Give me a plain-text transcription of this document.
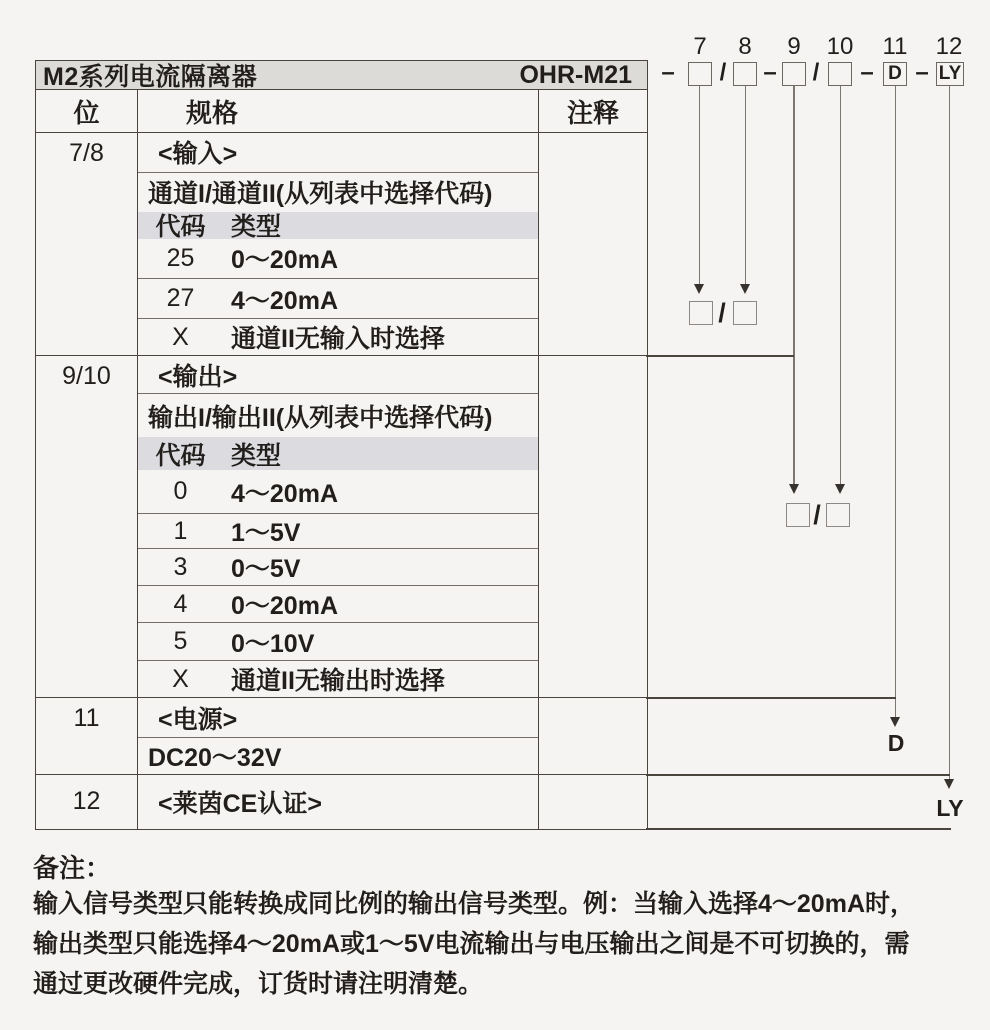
7 8 9 10 11 12
– / – / – –
D LY
/
/
D
LY
M2系列电流隔离器	OHR-M21
位	规格	注释
7/8	<输入>
通道I/通道II(从列表中选择代码)
代码	类型
25	0～20mA
27	4～20mA
X	通道II无输入时选择
9/10	<输出>
输出I/输出II(从列表中选择代码)
代码	类型
0	4～20mA
1	1～5V
3	0～5V
4	0～20mA
5	0～10V
X	通道II无输出时选择
11	<电源>
DC20～32V
12	<莱茵CE认证>
备注：
输入信号类型只能转换成同比例的输出信号类型。例：当输入选择4～20mA时，
输出类型只能选择4～20mA或1～5V电流输出与电压输出之间是不可切换的，需
通过更改硬件完成，订货时请注明清楚。
